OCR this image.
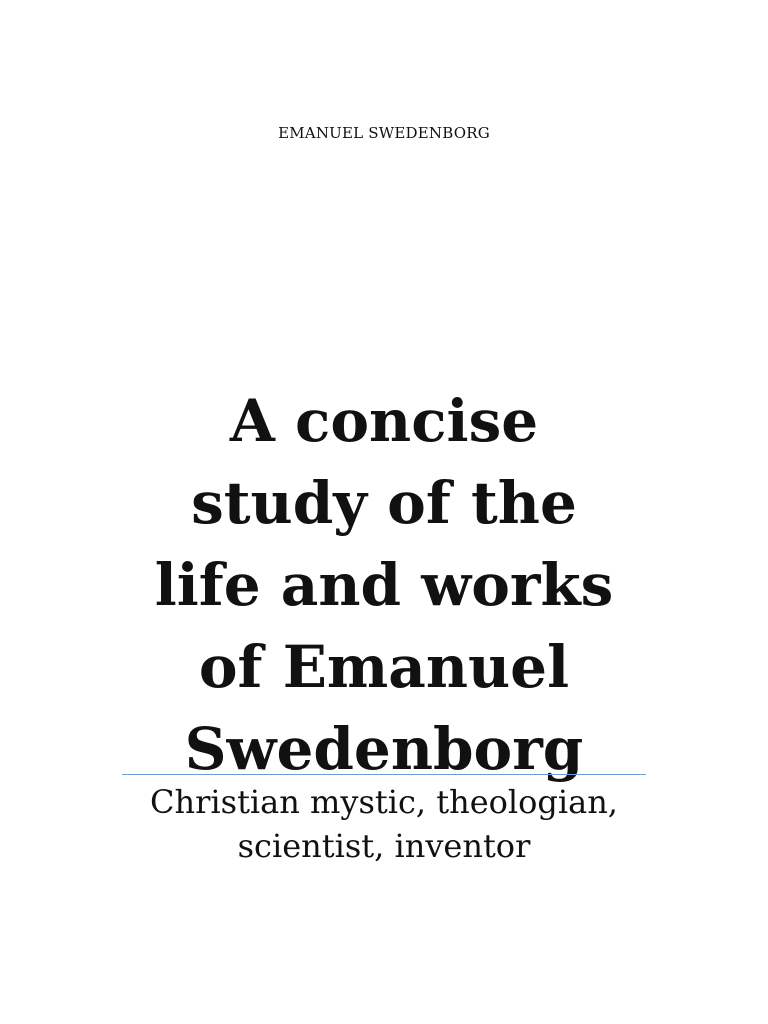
EMANUEL SWEDENBORG
A concise
study of the
life and works
of Emanuel
Swedenborg
Christian mystic, theologian,
scientist, inventor
